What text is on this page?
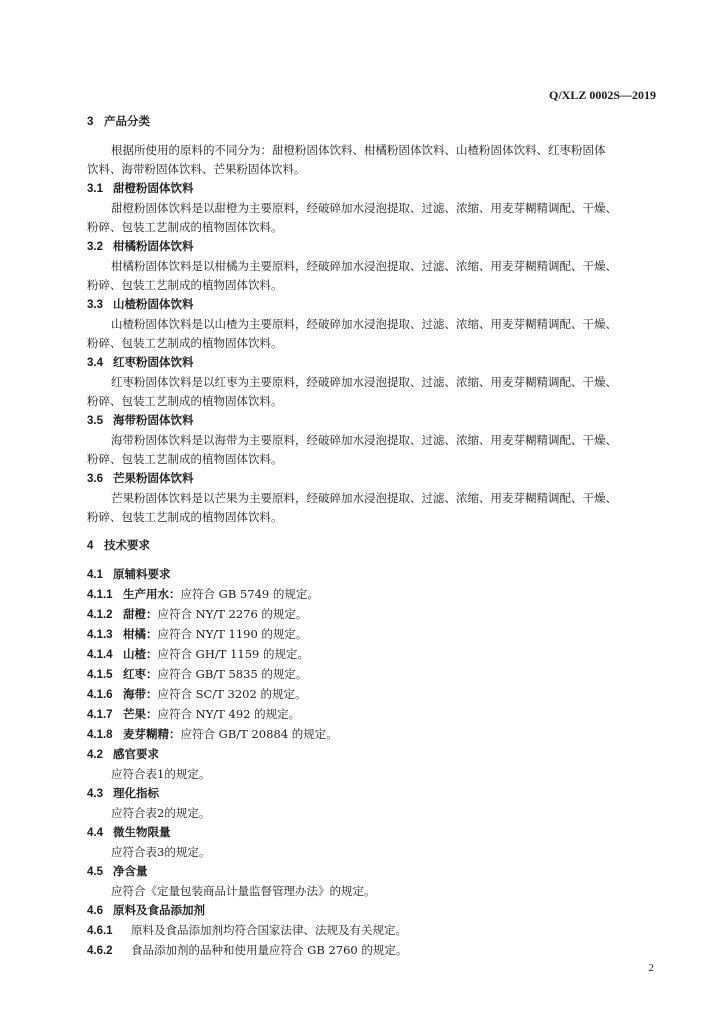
Q/XLZ 0002S—2019
3 产品分类
根据所使用的原料的不同分为：甜橙粉固体饮料、柑橘粉固体饮料、山楂粉固体饮料、红枣粉固体
饮料、海带粉固体饮料、芒果粉固体饮料。
3.1 甜橙粉固体饮料
甜橙粉固体饮料是以甜橙为主要原料，经破碎加水浸泡提取、过滤、浓缩、用麦芽糊精调配、干燥、
粉碎、包装工艺制成的植物固体饮料。
3.2 柑橘粉固体饮料
柑橘粉固体饮料是以柑橘为主要原料，经破碎加水浸泡提取、过滤、浓缩、用麦芽糊精调配、干燥、
粉碎、包装工艺制成的植物固体饮料。
3.3 山楂粉固体饮料
山楂粉固体饮料是以山楂为主要原料，经破碎加水浸泡提取、过滤、浓缩、用麦芽糊精调配、干燥、
粉碎、包装工艺制成的植物固体饮料。
3.4 红枣粉固体饮料
红枣粉固体饮料是以红枣为主要原料，经破碎加水浸泡提取、过滤、浓缩、用麦芽糊精调配、干燥、
粉碎、包装工艺制成的植物固体饮料。
3.5 海带粉固体饮料
海带粉固体饮料是以海带为主要原料，经破碎加水浸泡提取、过滤、浓缩、用麦芽糊精调配、干燥、
粉碎、包装工艺制成的植物固体饮料。
3.6 芒果粉固体饮料
芒果粉固体饮料是以芒果为主要原料，经破碎加水浸泡提取、过滤、浓缩、用麦芽糊精调配、干燥、
粉碎、包装工艺制成的植物固体饮料。
4 技术要求
4.1 原辅料要求
4.1.1 生产用水：应符合 GB 5749 的规定。
4.1.2 甜橙：应符合 NY/T 2276 的规定。
4.1.3 柑橘：应符合 NY/T 1190 的规定。
4.1.4 山楂：应符合 GH/T 1159 的规定。
4.1.5 红枣：应符合 GB/T 5835 的规定。
4.1.6 海带：应符合 SC/T 3202 的规定。
4.1.7 芒果：应符合 NY/T 492 的规定。
4.1.8 麦芽糊精：应符合 GB/T 20884 的规定。
4.2 感官要求
应符合表1的规定。
4.3 理化指标
应符合表2的规定。
4.4 微生物限量
应符合表3的规定。
4.5 净含量
应符合《定量包装商品计量监督管理办法》的规定。
4.6 原料及食品添加剂
4.6.1 原料及食品添加剂均符合国家法律、法规及有关规定。
4.6.2 食品添加剂的品种和使用量应符合 GB 2760 的规定。
2
